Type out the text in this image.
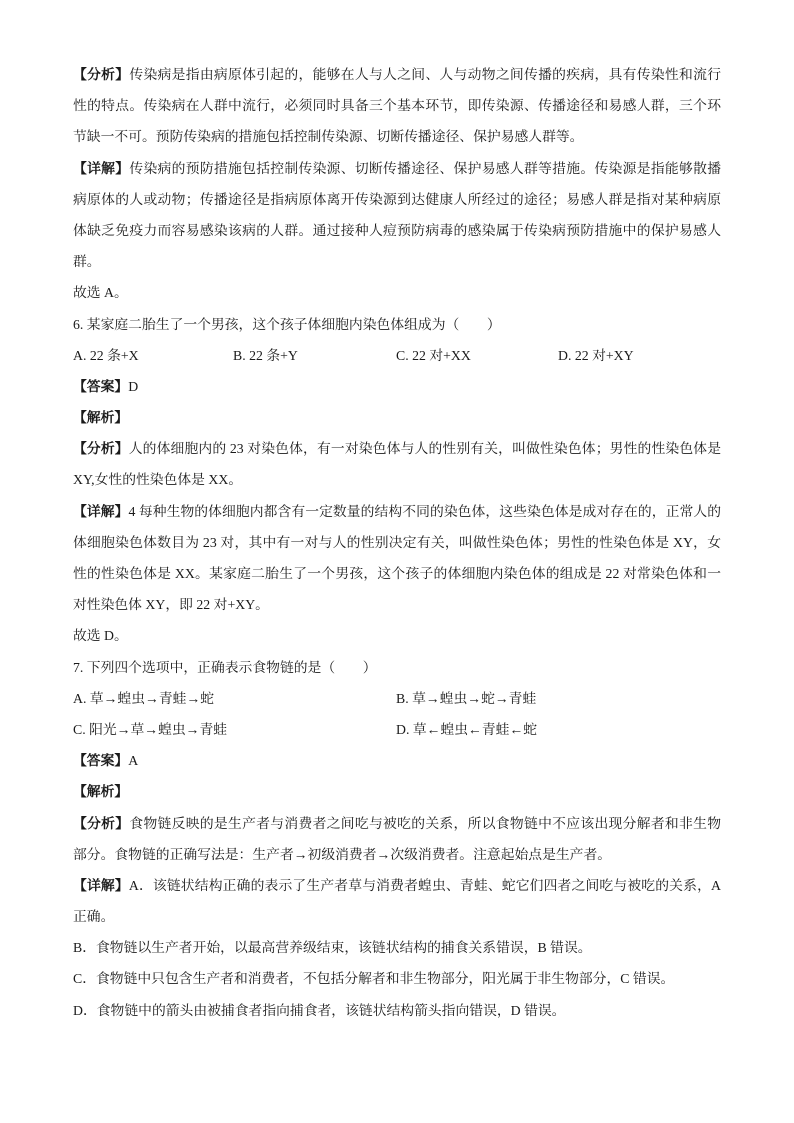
【分析】传染病是指由病原体引起的，能够在人与人之间、人与动物之间传播的疾病，具有传染性和流行
性的特点。传染病在人群中流行，必须同时具备三个基本环节，即传染源、传播途径和易感人群，三个环
节缺一不可。预防传染病的措施包括控制传染源、切断传播途径、保护易感人群等。
【详解】传染病的预防措施包括控制传染源、切断传播途径、保护易感人群等措施。传染源是指能够散播
病原体的人或动物；传播途径是指病原体离开传染源到达健康人所经过的途径；易感人群是指对某种病原
体缺乏免疫力而容易感染该病的人群。通过接种人痘预防病毒的感染属于传染病预防措施中的保护易感人
群。
故选 A。
6. 某家庭二胎生了一个男孩，这个孩子体细胞内染色体组成为（　　）
A. 22 条+X	B. 22 条+Y	C. 22 对+XX	D. 22 对+XY
【答案】D
【解析】
【分析】人的体细胞内的 23 对染色体，有一对染色体与人的性别有关，叫做性染色体；男性的性染色体是
XY,女性的性染色体是 XX。
【详解】4 每种生物的体细胞内都含有一定数量的结构不同的染色体，这些染色体是成对存在的，正常人的
体细胞染色体数目为 23 对，其中有一对与人的性别决定有关，叫做性染色体；男性的性染色体是 XY，女
性的性染色体是 XX。某家庭二胎生了一个男孩，这个孩子的体细胞内染色体的组成是 22 对常染色体和一
对性染色体 XY，即 22 对+XY。
故选 D。
7. 下列四个选项中，正确表示食物链的是（　　）
A. 草→蝗虫→青蛙→蛇	B. 草→蝗虫→蛇→青蛙
C. 阳光→草→蝗虫→青蛙	D. 草←蝗虫←青蛙←蛇
【答案】A
【解析】
【分析】食物链反映的是生产者与消费者之间吃与被吃的关系，所以食物链中不应该出现分解者和非生物
部分。食物链的正确写法是：生产者→初级消费者→次级消费者。注意起始点是生产者。
【详解】A．该链状结构正确的表示了生产者草与消费者蝗虫、青蛙、蛇它们四者之间吃与被吃的关系，A
正确。
B．食物链以生产者开始，以最高营养级结束，该链状结构的捕食关系错误，B 错误。
C．食物链中只包含生产者和消费者，不包括分解者和非生物部分，阳光属于非生物部分，C 错误。
D．食物链中的箭头由被捕食者指向捕食者，该链状结构箭头指向错误，D 错误。
